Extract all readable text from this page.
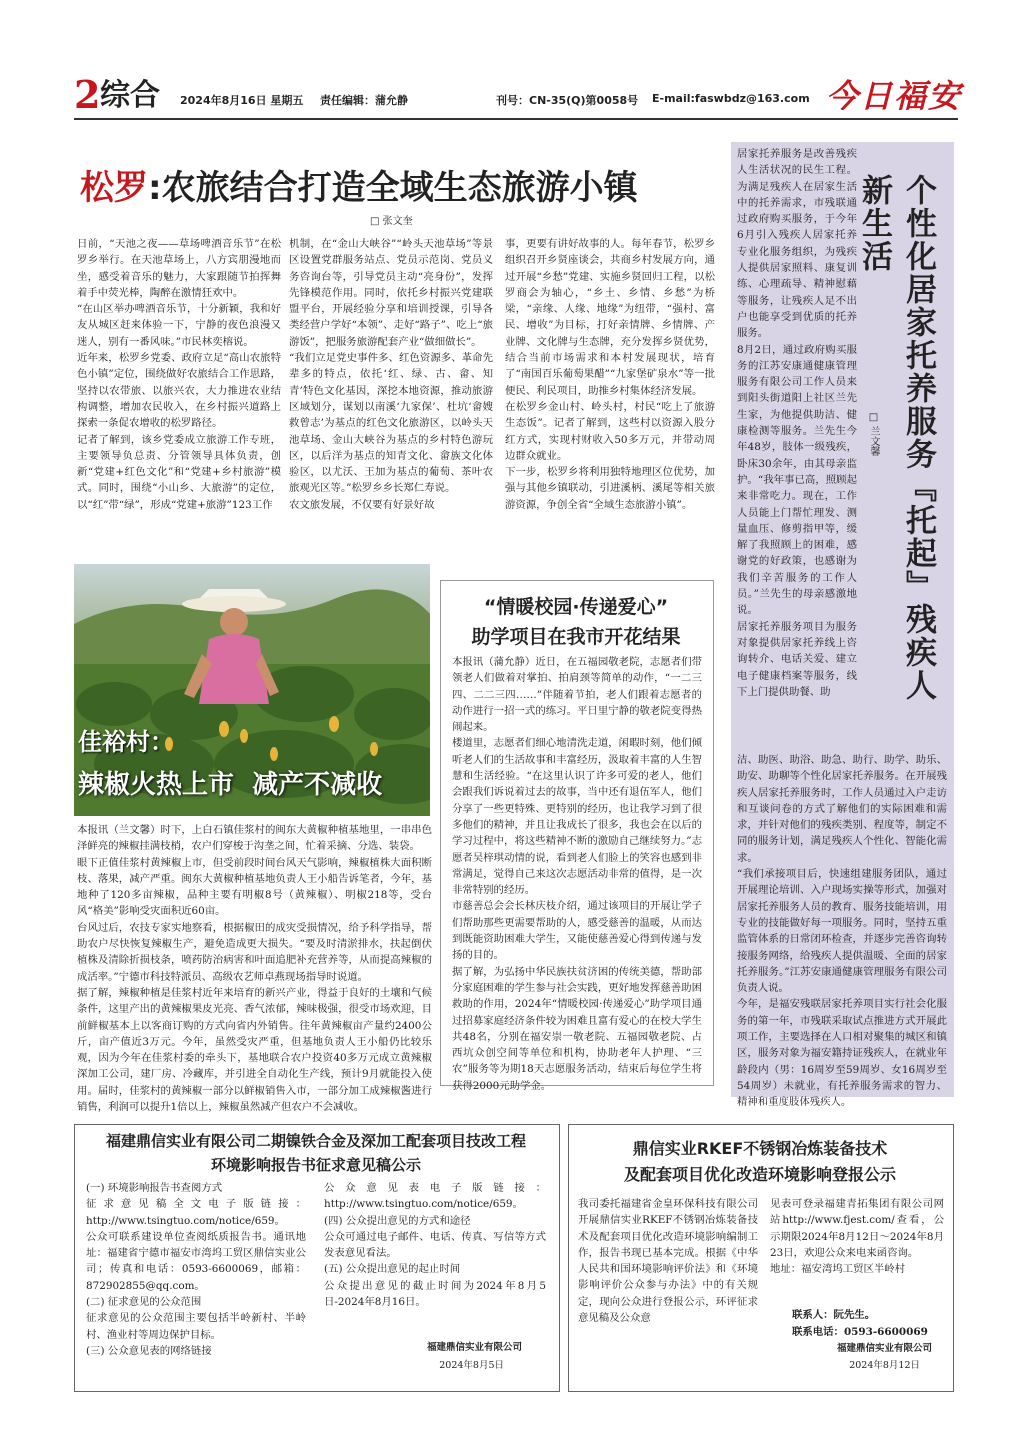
2 综合 2024年8月16日 星期五 责任编辑：蒲允静	刊号：CN-35(Q)第0058号 E-mail:faswbdz@163.com 今日福安
松罗:农旅结合打造全域生态旅游小镇
□ 张文奎
日前，“天池之夜——草场啤酒音乐节”在松罗乡举行。在天池草场上，八方宾朋漫地而坐，感受着音乐的魅力，大家跟随节拍挥舞着手中荧光棒，陶醉在激情狂欢中。
“在山区举办啤酒音乐节，十分新颖，我和好友从城区赶来体验一下，宁静的夜色浪漫又迷人，别有一番风味。”市民林奕榕说。
近年来，松罗乡党委、政府立足“高山农旅特色小镇”定位，围绕做好农旅结合工作思路，坚持以农带旅、以旅兴农，大力推进农业结构调整，增加农民收入，在乡村振兴道路上探索一条促农增收的松罗路径。
记者了解到，该乡党委成立旅游工作专班，主要领导负总责、分管领导具体负责，创新“党建+红色文化”和“党建+乡村旅游”模式。同时，围绕“小山乡、大旅游”的定位，以“红”带“绿”，形成“党建+旅游”123工作
机制，在“金山大峡谷”“岭头天池草场”等景区设置党群服务站点、党员示范岗、党员义务咨询台等，引导党员主动“亮身份”，发挥先锋模范作用。同时，依托乡村振兴党建联盟平台，开展经验分享和培训授课，引导各类经营户学好“本领”、走好“路子”、吃上“旅游饭”，把服务旅游配套产业“做细做长”。
“我们立足党史事件多、红色资源多、革命先辈多的特点，依托‘红、绿、古、畲、知青’特色文化基因，深挖本地资源，推动旅游区域划分，谋划以南溪‘九家保’、杜坑‘畲嫂救曾志’为基点的红色文化旅游区，以岭头天池草场、金山大峡谷为基点的乡村特色游玩区，以后洋为基点的知青文化、畲族文化体验区，以尤沃、王加为基点的葡萄、茶叶农旅观光区等。”松罗乡乡长郑仁寿说。
农文旅发展，不仅要有好景好故
事，更要有讲好故事的人。每年春节，松罗乡组织召开乡贤座谈会，共商乡村发展方向，通过开展“乡愁”党建、实施乡贤回归工程，以松罗商会为轴心，“乡土、乡情、乡愁”为桥梁，“亲缘、人缘、地缘”为纽带，“强村、富民、增收”为目标，打好亲情牌、乡情牌、产业牌、文化牌与生态牌，充分发挥乡贤优势，结合当前市场需求和本村发展现状，培育了“南国百乐葡萄果醋”“九家堡矿泉水”等一批便民、利民项目，助推乡村集体经济发展。
在松罗乡金山村、岭头村，村民“吃上了旅游生态饭”。记者了解到，这些村以资源入股分红方式，实现村财收入50多万元，并带动周边群众就业。
下一步，松罗乡将利用独特地理区位优势，加强与其他乡镇联动，引进溪柄、溪尾等相关旅游资源，争创全省“全域生态旅游小镇”。
居家托养服务是改善残疾人生活状况的民生工程。为满足残疾人在居家生活中的托养需求，市残联通过政府购买服务，于今年6月引入残疾人居家托养专业化服务组织，为残疾人提供居家照料、康复训练、心理疏导、精神慰藉等服务，让残疾人足不出户也能享受到优质的托养服务。
8月2日，通过政府购买服务的江苏安康通健康管理服务有限公司工作人员来到阳头街道阳上社区兰先生家，为他提供助洁、健康检测等服务。兰先生今年48岁，肢体一级残疾，卧床30余年，由其母亲监护。“我年事已高，照顾起来非常吃力。现在，工作人员能上门帮忙理发、测量血压、修剪指甲等，缓解了我照顾上的困难，感谢党的好政策，也感谢为我们辛苦服务的工作人员。”兰先生的母亲感激地说。
居家托养服务项目为服务对象提供居家托养线上咨询转介、电话关爱、建立电子健康档案等服务，线下上门提供助餐、助	个性化居家托养服务『托起』残疾人新生活
□ 兰文馨
洁、助医、助浴、助急、助行、助学、助乐、助安、助聊等个性化居家托养服务。在开展残疾人居家托养服务时，工作人员通过入户走访和互谈问卷的方式了解他们的实际困难和需求，并针对他们的残疾类别、程度等，制定不同的服务计划，满足残疾人个性化、智能化需求。
“我们承接项目后，快速组建服务团队，通过开展理论培训、入户现场实操等形式，加强对居家托养服务人员的教育、服务技能培训，用专业的技能做好每一项服务。同时，坚持五重监管体系的日常闭环检查，并逐步完善咨询转接服务网络，给残疾人提供温暖、全面的居家托养服务。”江苏安康通健康管理服务有限公司负责人说。
今年，是福安残联居家托养项目实行社会化服务的第一年，市残联采取试点推进方式开展此项工作，主要选择在人口相对聚集的城区和镇区，服务对象为福安籍持证残疾人，在就业年龄段内（男：16周岁至59周岁、女16周岁至54周岁）未就业，有托养服务需求的智力、精神和重度肢体残疾人。
佳裕村：
辣椒火热上市  减产不减收
本报讯（兰文馨）时下，上白石镇佳浆村的闽东大黄椒种植基地里，一串串色泽鲜亮的辣椒挂满枝梢，农户们穿梭于沟垄之间，忙着采摘、分选、装袋。
眼下正值佳浆村黄辣椒上市，但受前段时间台风天气影响，辣椒植株大面积断枝、落果，减产严重。闽东大黄椒种植基地负责人王小船告诉笔者，今年，基地种了120多亩辣椒，品种主要有明椒8号（黄辣椒）、明椒218等，受台风“格美”影响受灾面积近60亩。
台风过后，农技专家实地察看，根据椒田的成灾受损情况，给予科学指导，帮助农户尽快恢复辣椒生产，避免造成更大损失。“要及时清淤排水，扶起倒伏植株及清除折损枝条，喷药防治病害和叶面追肥补充营养等，从而提高辣椒的成活率。”宁德市科技特派员、高级农艺师卓燕现场指导时说道。
据了解，辣椒种植是佳浆村近年来培育的新兴产业，得益于良好的土壤和气候条件，这里产出的黄辣椒果皮光亮、香气浓郁，辣味极强，很受市场欢迎，目前鲜椒基本上以客商订购的方式向省内外销售。往年黄辣椒亩产量约2400公斤，亩产值近3万元。今年，虽然受灾严重，但基地负责人王小船仍比较乐观，因为今年在佳浆村委的牵头下，基地联合农户投资40多万元成立黄辣椒深加工公司，建厂房、冷藏库，并引进全自动化生产线，预计9月就能投入使用。届时，佳浆村的黄辣椒一部分以鲜椒销售入市，一部分加工成辣椒酱进行销售，利润可以提升1倍以上，辣椒虽然减产但农户不会减收。
“情暖校园·传递爱心”
助学项目在我市开花结果
本报讯（蒲允静）近日，在五福园敬老院，志愿者们带领老人们做着对掌拍、拍肩颈等简单的动作，“一二三四、二二三四……”伴随着节拍，老人们跟着志愿者的动作进行一招一式的练习。平日里宁静的敬老院变得热闹起来。
楼道里，志愿者们细心地清洗走道，闲暇时刻，他们倾听老人们的生活故事和丰富经历，汲取着丰富的人生智慧和生活经验。“在这里认识了许多可爱的老人，他们会跟我们诉说着过去的故事，当中还有退伍军人，他们分享了一些更特殊、更特别的经历，也让我学习到了很多他们的精神，并且让我成长了很多，我也会在以后的学习过程中，将这些精神不断的激励自己继续努力。”志愿者吴梓琪动情的说，看到老人们脸上的笑容也感到非常满足，觉得自己来这次志愿活动非常的值得，是一次非常特别的经历。
市慈善总会会长林庆枝介绍，通过该项目的开展让学子们帮助那些更需要帮助的人，感受慈善的温暖，从而达到既能资助困难大学生，又能使慈善爱心得到传递与发扬的目的。
据了解，为弘扬中华民族扶贫济困的传统美德，帮助部分家庭困难的学生参与社会实践，更好地发挥慈善助困救助的作用，2024年“情暖校园·传递爱心”助学项目通过招募家庭经济条件较为困难且富有爱心的在校大学生共48名，分别在福安崇一敬老院、五福园敬老院、占西坑众创空间等单位和机构，协助老年人护理、“三农”服务等为期18天志愿服务活动，结束后每位学生将获得2000元助学金。
福建鼎信实业有限公司二期镍铁合金及深加工配套项目技改工程
环境影响报告书征求意见稿公示
(一) 环境影响报告书查阅方式
征求意见稿全文电子版链接：http://www.tsingtuo.com/notice/659。
公众可联系建设单位查阅纸质报告书。通讯地址：福建省宁德市福安市湾坞工贸区鼎信实业公司；传真和电话：0593-6600069，邮箱：872902855@qq.com。
(二) 征求意见的公众范围
征求意见的公众范围主要包括半岭新村、半岭村、渔业村等周边保护目标。
(三) 公众意见表的网络链接
公众意见表电子版链接：http://www.tsingtuo.com/notice/659。
(四) 公众提出意见的方式和途径
公众可通过电子邮件、电话、传真、写信等方式发表意见看法。
(五) 公众提出意见的起止时间
公众提出意见的截止时间为2024年8月5日-2024年8月16日。
福建鼎信实业有限公司
2024年8月5日
鼎信实业RKEF不锈钢冶炼装备技术
及配套项目优化改造环境影响登报公示
我司委托福建省金皇环保科技有限公司开展鼎信实业RKEF不锈钢冶炼装备技术及配套项目优化改造环境影响编制工作，报告书现已基本完成。根据《中华人民共和国环境影响评价法》和《环境影响评价公众参与办法》中的有关规定，现向公众进行登报公示，环评征求意见稿及公众意
见表可登录福建青拓集团有限公司网站http://www.fjest.com/查看，公示期限2024年8月12日～2024年8月23日，欢迎公众来电来函咨询。
地址：福安湾坞工贸区半岭村
联系人：阮先生。
联系电话：0593-6600069
福建鼎信实业有限公司
2024年8月12日
